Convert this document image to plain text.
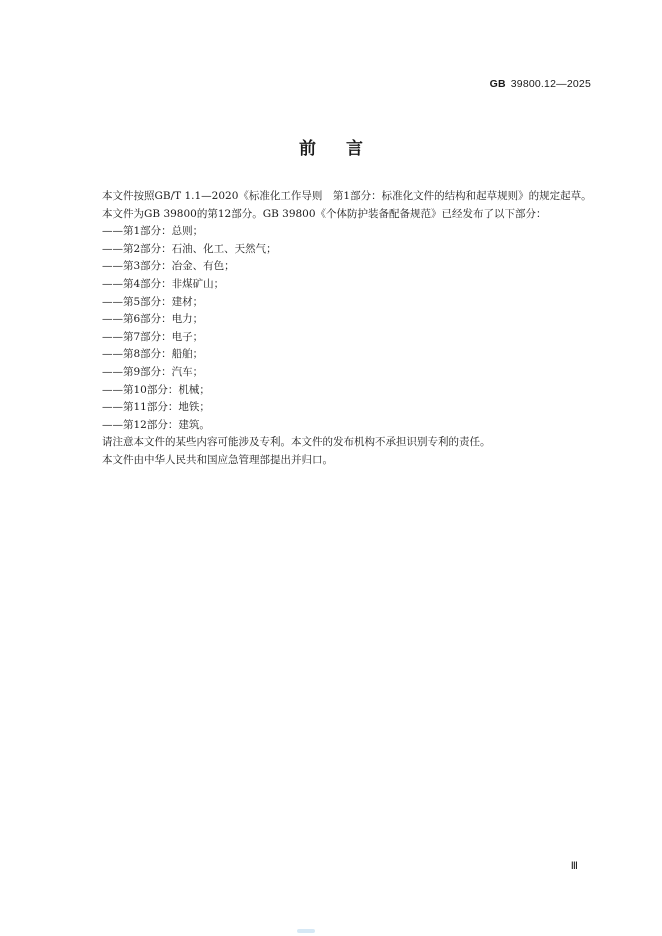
GB 39800.12—2025
前言

本文件按照GB/T 1.1—2020《标准化工作导则　第1部分：标准化文件的结构和起草规则》的规定起草。

本文件为GB 39800的第12部分。GB 39800《个体防护装备配备规范》已经发布了以下部分：

——第1部分：总则；
——第2部分：石油、化工、天然气；
——第3部分：冶金、有色；
——第4部分：非煤矿山；
——第5部分：建材；
——第6部分：电力；
——第7部分：电子；
——第8部分：船舶；
——第9部分：汽车；
——第10部分：机械；
——第11部分：地铁；
——第12部分：建筑。

请注意本文件的某些内容可能涉及专利。本文件的发布机构不承担识别专利的责任。

本文件由中华人民共和国应急管理部提出并归口。

Ⅲ
